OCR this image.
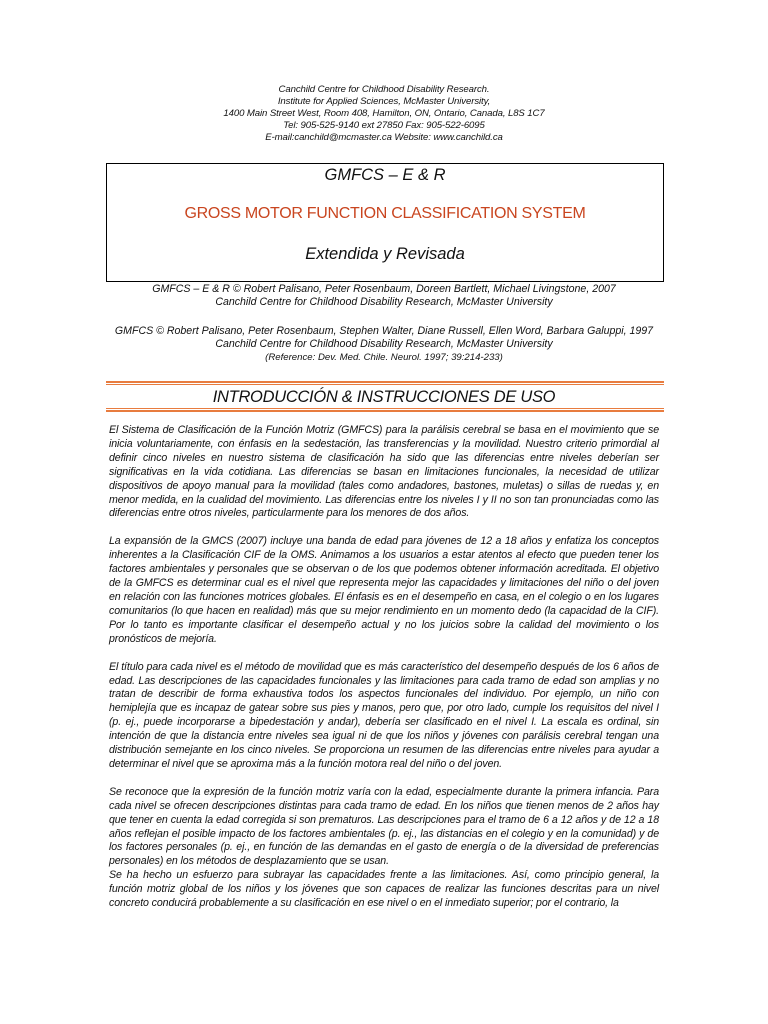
Canchild Centre for Childhood Disability Research.
Institute for Applied Sciences, McMaster University,
1400 Main Street West, Room 408, Hamilton, ON, Ontario, Canada, L8S 1C7
Tel: 905-525-9140 ext 27850 Fax: 905-522-6095
E-mail:canchild@mcmaster.ca Website: www.canchild.ca
GMFCS – E & R
GROSS MOTOR FUNCTION CLASSIFICATION SYSTEM
Extendida y Revisada
GMFCS – E & R © Robert Palisano, Peter Rosenbaum, Doreen Bartlett, Michael Livingstone, 2007
Canchild Centre for Childhood Disability Research, McMaster University
GMFCS © Robert Palisano, Peter Rosenbaum, Stephen Walter, Diane Russell, Ellen Word, Barbara Galuppi, 1997
Canchild Centre for Childhood Disability Research, McMaster University
(Reference: Dev. Med. Chile. Neurol. 1997; 39:214-233)
INTRODUCCIÓN & INSTRUCCIONES DE USO

El Sistema de Clasificación de la Función Motriz (GMFCS) para la parálisis cerebral se basa en el movimiento que se inicia voluntariamente, con énfasis en la sedestación, las transferencias y la movilidad. Nuestro criterio primordial al definir cinco niveles en nuestro sistema de clasificación ha sido que las diferencias entre niveles deberían ser significativas en la vida cotidiana. Las diferencias se basan en limitaciones funcionales, la necesidad de utilizar dispositivos de apoyo manual para la movilidad (tales como andadores, bastones, muletas) o sillas de ruedas y, en menor medida, en la cualidad del movimiento. Las diferencias entre los niveles I y II no son tan pronunciadas como las diferencias entre otros niveles, particularmente para los menores de dos años.

La expansión de la GMCS (2007) incluye una banda de edad para jóvenes de 12 a 18 años y enfatiza los conceptos inherentes a la Clasificación CIF de la OMS. Animamos a los usuarios a estar atentos al efecto que pueden tener los factores ambientales y personales que se observan o de los que podemos obtener información acreditada. El objetivo de la GMFCS es determinar cual es el nivel que representa mejor las capacidades y limitaciones del niño o del joven en relación con las funciones motrices globales. El énfasis es en el desempeño en casa, en el colegio o en los lugares comunitarios (lo que hacen en realidad) más que su mejor rendimiento en un momento dedo (la capacidad de la CIF). Por lo tanto es importante clasificar el desempeño actual y no los juicios sobre la calidad del movimiento o los pronósticos de mejoría.

El título para cada nivel es el método de movilidad que es más característico del desempeño después de los 6 años de edad. Las descripciones de las capacidades funcionales y las limitaciones para cada tramo de edad son amplias y no tratan de describir de forma exhaustiva todos los aspectos funcionales del individuo. Por ejemplo, un niño con hemiplejía que es incapaz de gatear sobre sus pies y manos, pero que, por otro lado, cumple los requisitos del nivel I (p. ej., puede incorporarse a bipedestación y andar), debería ser clasificado en el nivel I. La escala es ordinal, sin intención de que la distancia entre niveles sea igual ni de que los niños y jóvenes con parálisis cerebral tengan una distribución semejante en los cinco niveles. Se proporciona un resumen de las diferencias entre niveles para ayudar a determinar el nivel que se aproxima más a la función motora real del niño o del joven.

Se reconoce que la expresión de la función motriz varía con la edad, especialmente durante la primera infancia. Para cada nivel se ofrecen descripciones distintas para cada tramo de edad. En los niños que tienen menos de 2 años hay que tener en cuenta la edad corregida si son prematuros. Las descripciones para el tramo de 6 a 12 años y de 12 a 18 años reflejan el posible impacto de los factores ambientales (p. ej., las distancias en el colegio y en la comunidad) y de los factores personales (p. ej., en función de las demandas en el gasto de energía o de la diversidad de preferencias personales) en los métodos de desplazamiento que se usan.

Se ha hecho un esfuerzo para subrayar las capacidades frente a las limitaciones. Así, como principio general, la función motriz global de los niños y los jóvenes que son capaces de realizar las funciones descritas para un nivel concreto conducirá probablemente a su clasificación en ese nivel o en el inmediato superior; por el contrario, la
